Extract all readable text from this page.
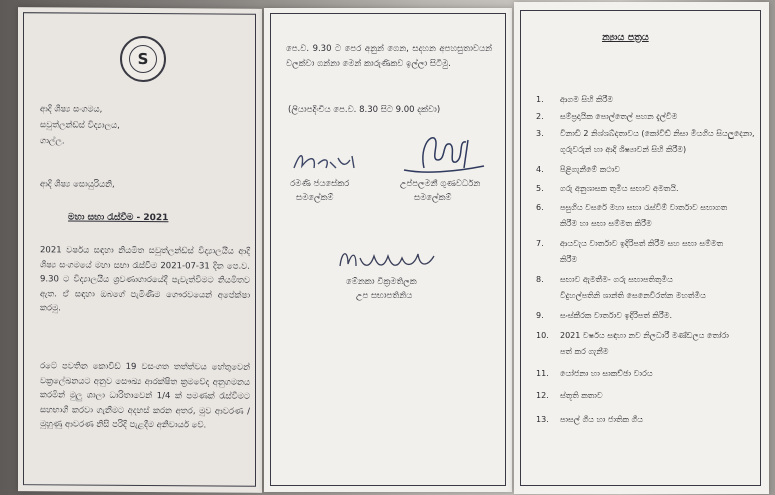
S
ආදි ශිෂ්‍ය සංගමය,
සවුත්ලන්ඩ්ස් විද්‍යාලය,
ගාල්ල.
ආදි ශිෂ්‍ය සොයුරියනි,
මහා සභා රැස්වීම - 2021
2021 වර්ෂය සඳහා නියමිත සවුත්ලන්ඩ්ස් විද්‍යාලයීය ආදි ශිෂ්‍ය සංගමයේ මහා සභා රැස්වීම 2021-07-31 දින පෙ.ව. 9.30 ට විද්‍යාලයීය ශ්‍රවණාගාරයේදී පැවැත්වීමට නියමිතව ඇත. ඒ සඳහා ඔබගේ පැමිණීම ගෞරවයෙන් අපේක්ෂා කරමු.
රටේ පවතින කොවිඩ් 19 වසංගත තත්ත්වය හේතුවෙන් වක්‍රලේඛනයට අනුව සෞඛ්‍ය ආරක්ෂිත ක්‍රමවේද අනුගමනය කරමින් මුලු ශාලා ධාරිතාවෙන් 1/4 ක් පමණක් රැස්වීමට සහභාගි කරවා ගැනීමට අදහස් කරන අතර, මුව ආවරණ / මුහුණු ආවරණ නිසි පරිදි පැළදීම අනිවාර්ය වේ.
පෙ.ව. 9.30 ට පෙර අනුන් ගෙන, සදහන අපහසුතාවයන් වලක්වා ගන්නා මෙන් කාරුණිකව ඉල්ලා සිටිමු.
(ලියාපදිංචිය පෙ.ව. 8.30 සිට 9.00 දක්වා)
රමණි ජයසේකර
සමලේකම්
උප්පලමනී ගුණවර්ධන
සමලේකම්
මේනකා වික්‍රමතිලක
උප සභාපතිනිය
න්‍යාය පත්‍රය
1.	ආගම සිහි කිරීම
2.	සම්ප්‍රදායික පොල්තෙල් පහන දැල්වීම
3.	විනාඩි 2 නිශ්ශබ්දතාවය (කෝවිඩ් නිසා මියගිය සියලුදෙනා,
ගුරුවරුන් හා ආදි ශිෂ්‍යාවන් සිහි කිරීම)
4.	පිළිගැනීමේ කථාව
5.	ගරු අනුශාසක තුමිය සභාව අමතයි.
6.	පසුගිය වසරේ මහා සභා රැස්වීම් වාර්තාව සභාගත
කිරීම හා සභා සම්මත කිරීම
7.	ආයවැය වාර්තාව ඉදිරිපත් කිරීම සහ සභා සම්මත
කිරීම
8.	සභාව ඇමතීම- ගරු සභාපතිතුමිය
විදුහල්පතිනි ශාන්ති සෙනෙවිරත්න මහත්මිය
9.	සංස්කීරක වාර්තාව ඉදිරිපත් කිරීම.
10.	2021 වර්ෂය සඳහා නව නිලධාරී මණ්ඩලය තෝරා
පත් කර ගැනීම
11.	යෝජනා හා සාකච්ඡා වාරය
12.	ස්තූති කතාව
13.	පාසල් ගීය හා ජාතික ගීය
